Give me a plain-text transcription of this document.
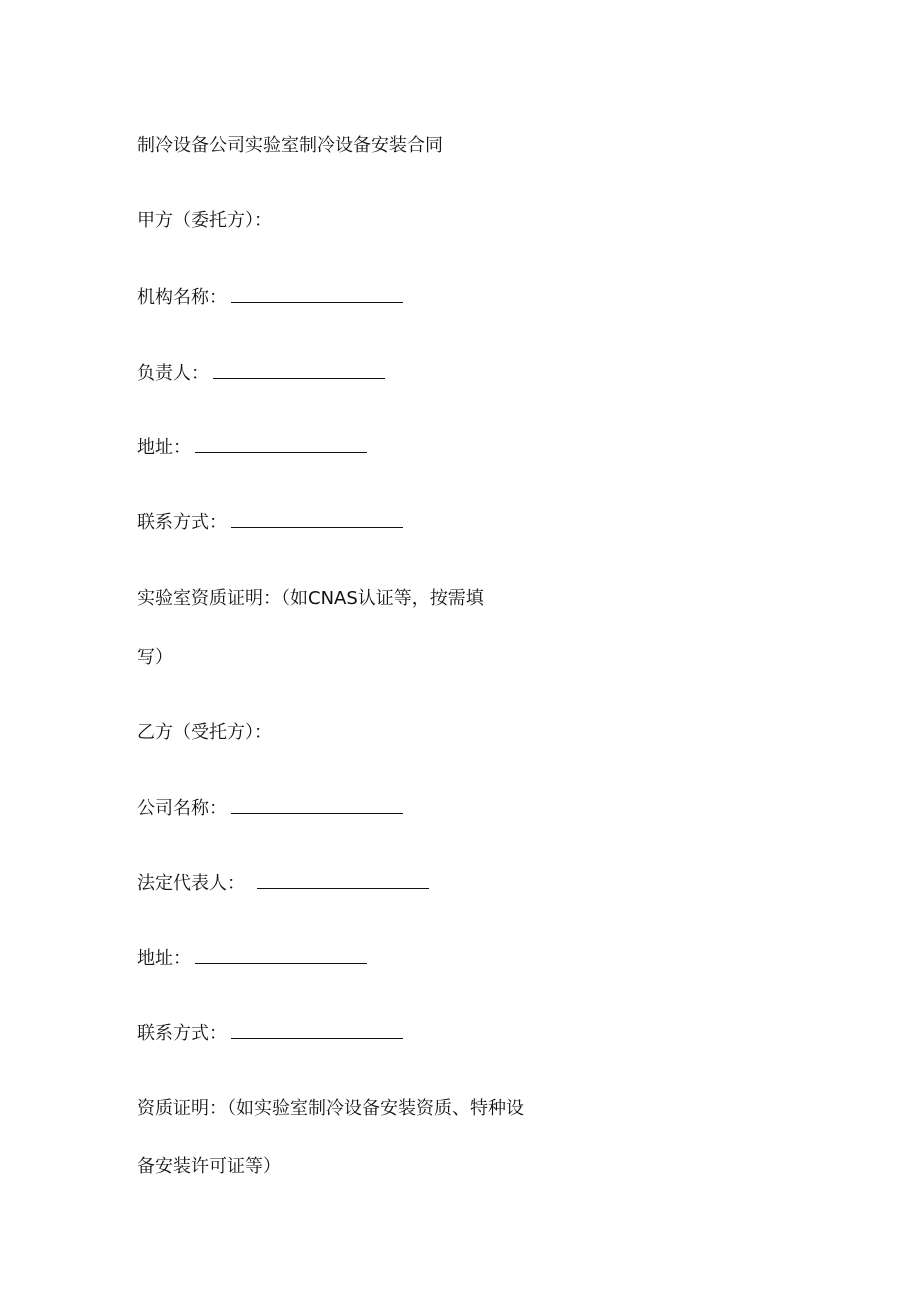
制冷设备公司实验室制冷设备安装合同
甲方（委托方）：
机构名称：
负责人：
地址：
联系方式：
实验室资质证明：（如CNAS认证等，按需填
写）
乙方（受托方）：
公司名称：
法定代表人：
地址：
联系方式：
资质证明：（如实验室制冷设备安装资质、特种设
备安装许可证等）
